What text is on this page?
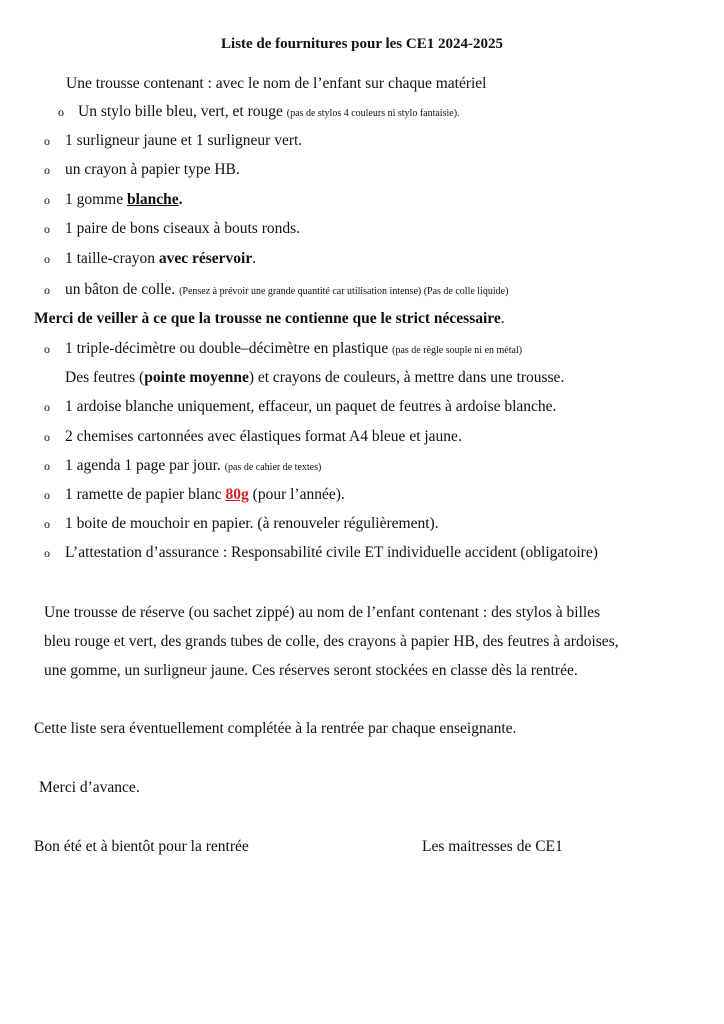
Liste de fournitures pour les CE1 2024-2025
Une trousse contenant : avec le nom de l’enfant sur chaque matériel
o Un stylo bille bleu, vert, et rouge (pas de stylos 4 couleurs ni stylo fantaisie).
o 1 surligneur jaune et 1 surligneur vert.
o un crayon à papier type HB.
o 1 gomme blanche.
o 1 paire de bons ciseaux à bouts ronds.
o 1 taille-crayon avec réservoir.
o un bâton de colle. (Pensez à prévoir une grande quantité car utilisation intense) (Pas de colle liquide)
Merci de veiller à ce que la trousse ne contienne que le strict nécessaire.
o 1 triple-décimètre ou double–décimètre en plastique (pas de règle souple ni en métal)
Des feutres (pointe moyenne) et crayons de couleurs, à mettre dans une trousse.
o 1 ardoise blanche uniquement, effaceur, un paquet de feutres à ardoise blanche.
o 2 chemises cartonnées avec élastiques format A4 bleue et jaune.
o 1 agenda 1 page par jour. (pas de cahier de textes)
o 1 ramette de papier blanc 80g (pour l’année).
o 1 boite de mouchoir en papier. (à renouveler régulièrement).
o L’attestation d’assurance : Responsabilité civile ET individuelle accident (obligatoire)
Une trousse de réserve (ou sachet zippé) au nom de l’enfant contenant : des stylos à billes
bleu rouge et vert, des grands tubes de colle, des crayons à papier HB, des feutres à ardoises,
une gomme, un surligneur jaune. Ces réserves seront stockées en classe dès la rentrée.
Cette liste sera éventuellement complétée à la rentrée par chaque enseignante.
Merci d’avance.
Bon été et à bientôt pour la rentrée	Les maitresses de CE1
